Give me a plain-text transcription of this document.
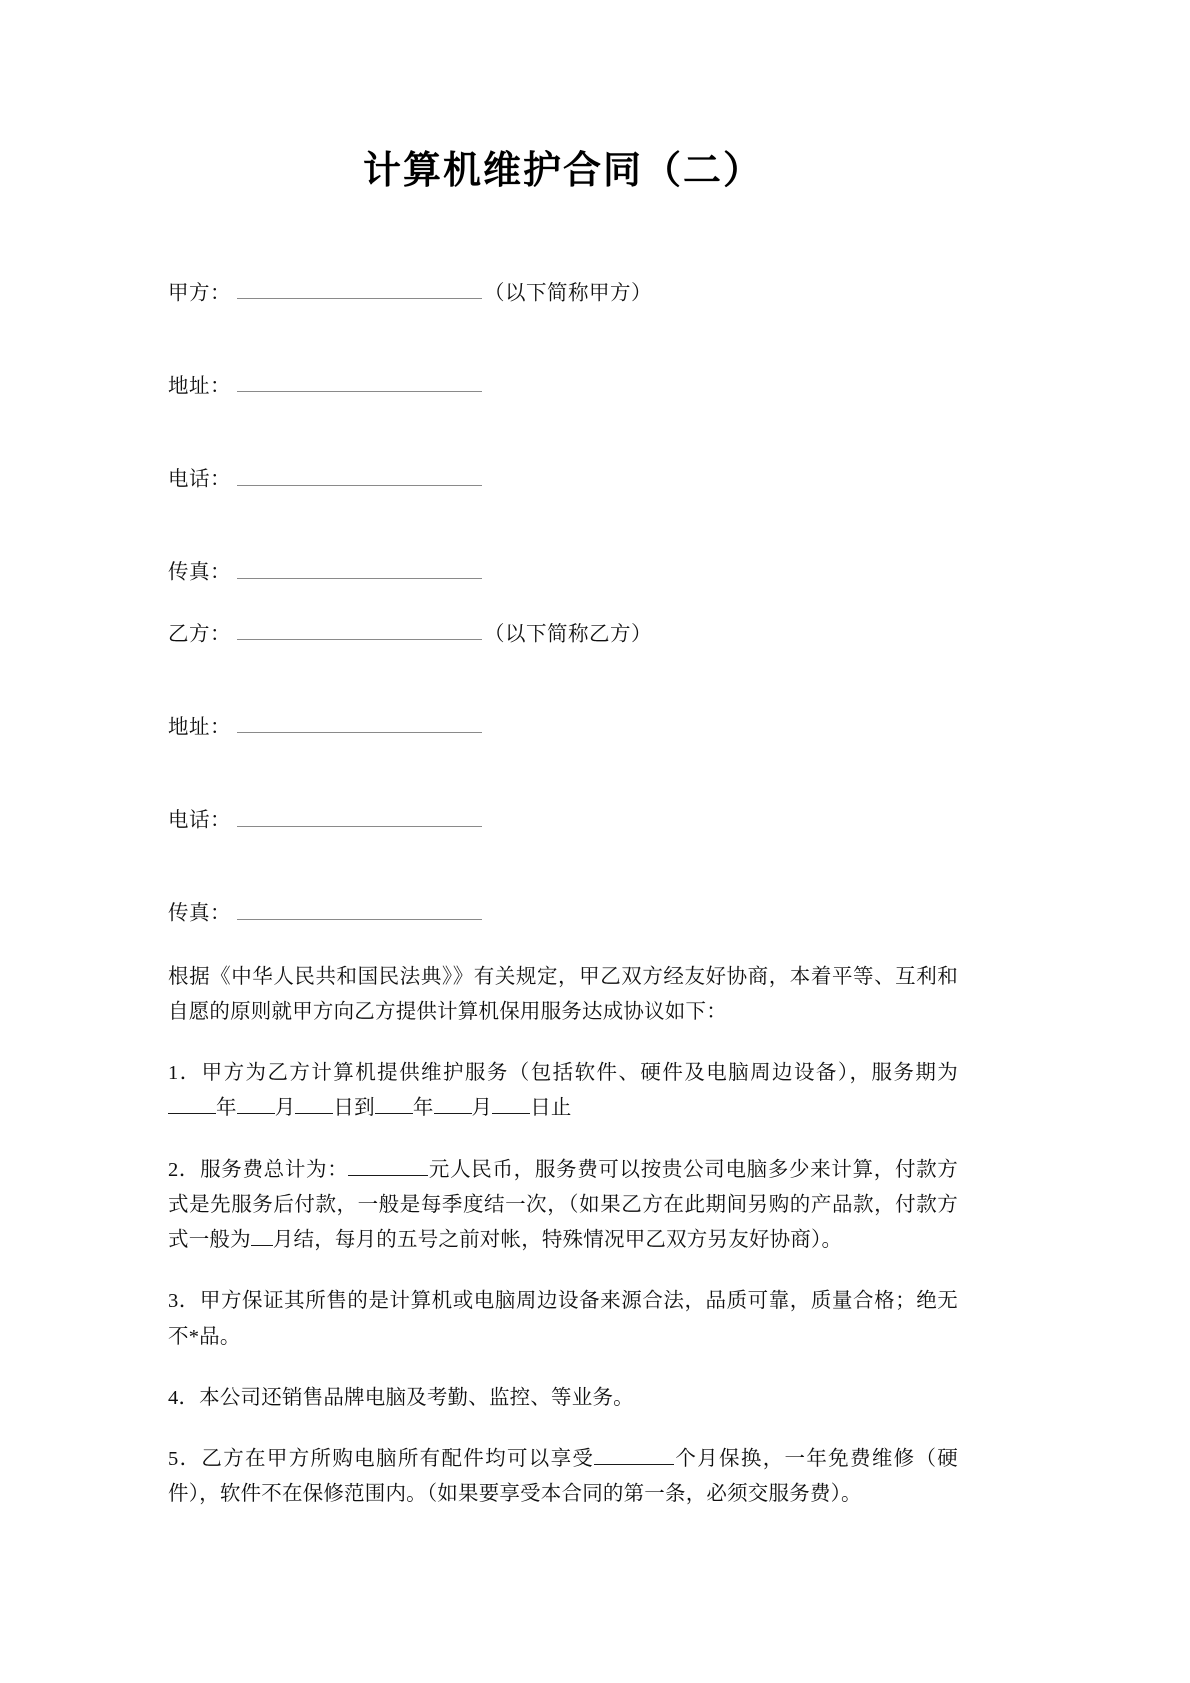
计算机维护合同（二）
甲方：	（以下简称甲方）
地址：
电话：
传真：
乙方：	（以下简称乙方）
地址：
电话：
传真：

根据《中华人民共和国民法典》》有关规定，甲乙双方经友好协商，本着平等、互利和自愿的原则就甲方向乙方提供计算机保用服务达成协议如下：

1．甲方为乙方计算机提供维护服务（包括软件、硬件及电脑周边设备），服务期为年 月 日到 年 月 日止

2．服务费总计为：	元人民币，服务费可以按贵公司电脑多少来计算，付款方式是先服务后付款，一般是每季度结一次，（如果乙方在此期间另购的产品款，付款方式一般为 月结，每月的五号之前对帐，特殊情况甲乙双方另友好协商）。

3．甲方保证其所售的是计算机或电脑周边设备来源合法，品质可靠，质量合格；绝无不*品。

4．本公司还销售品牌电脑及考勤、监控、等业务。

5．乙方在甲方所购电脑所有配件均可以享受	个月保换，一年免费维修（硬件），软件不在保修范围内。（如果要享受本合同的第一条，必须交服务费）。
